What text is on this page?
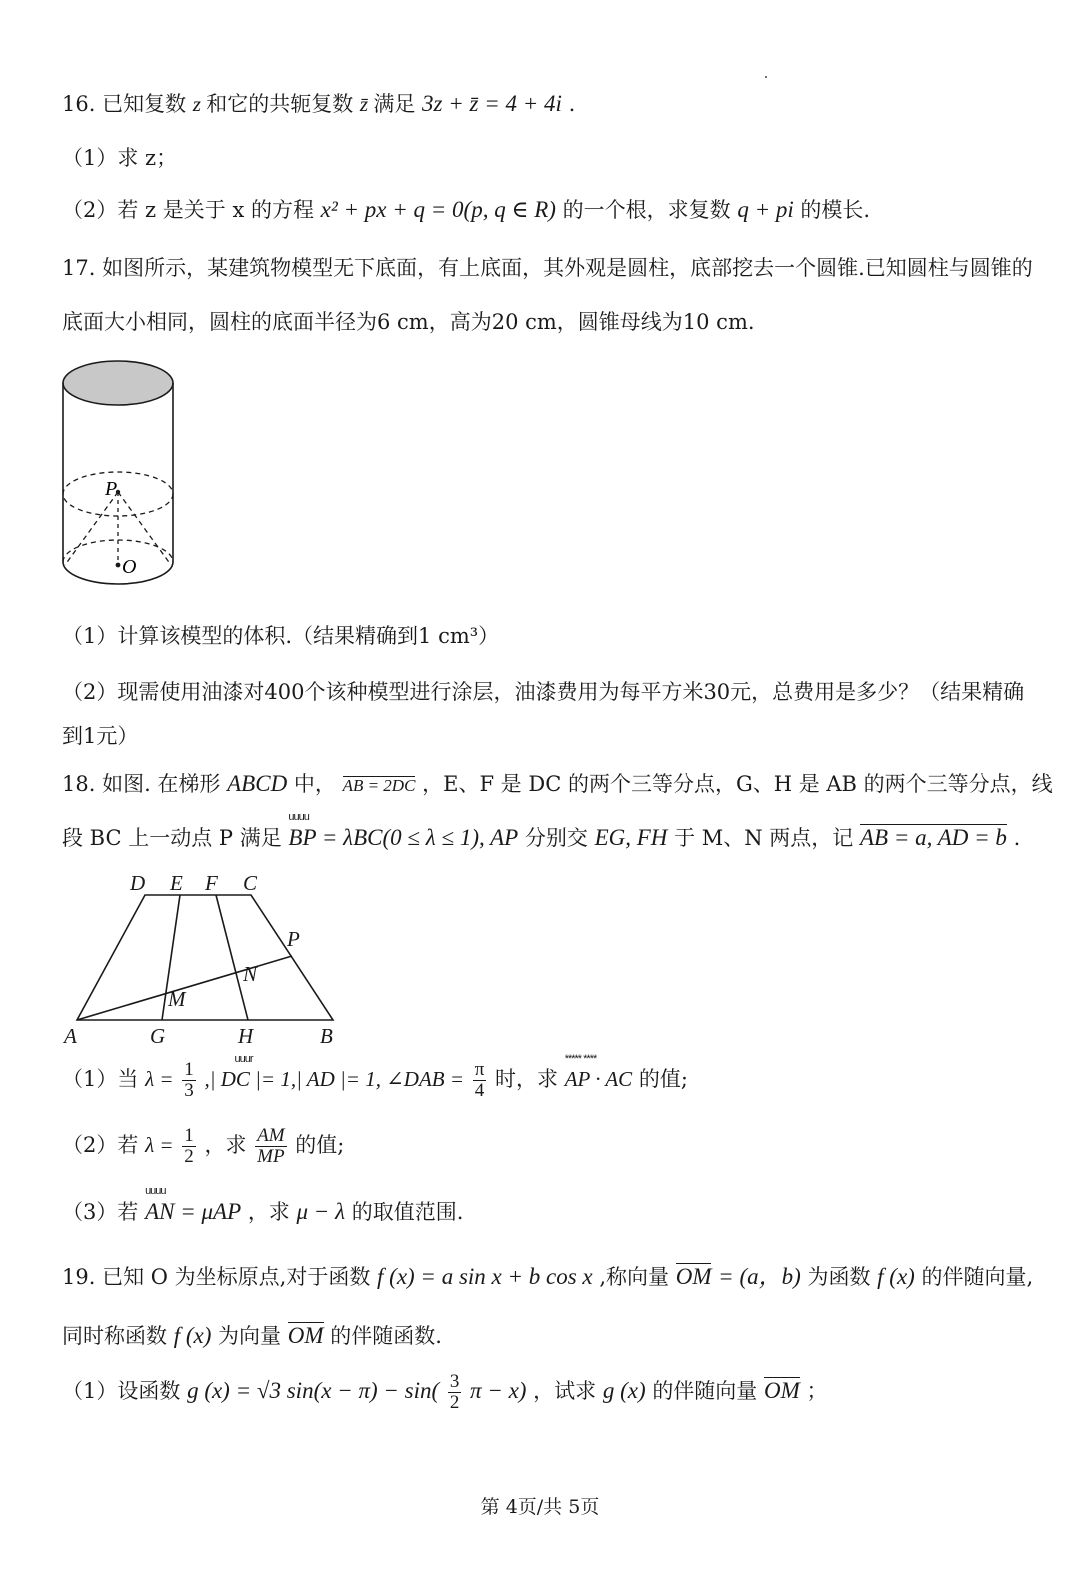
16. 已知复数 z 和它的共轭复数 z̄ 满足 3z + z̄ = 4 + 4i .
（1）求 z；
（2）若 z 是关于 x 的方程 x² + px + q = 0(p, q ∈ R) 的一个根，求复数 q + pi 的模长.
17. 如图所示，某建筑物模型无下底面，有上底面，其外观是圆柱，底部挖去一个圆锥.已知圆柱与圆锥的
底面大小相同，圆柱的底面半径为6 cm，高为20 cm，圆锥母线为10 cm.
P
O
（1）计算该模型的体积.（结果精确到1 cm³）
（2）现需使用油漆对400个该种模型进行涂层，油漆费用为每平方米30元，总费用是多少？（结果精确
到1元）
18. 如图. 在梯形 ABCD 中， AB = 2DC ，E、F 是 DC 的两个三等分点，G、H 是 AB 的两个三等分点，线
段 BC 上一动点 P 满足
uuuu
BP = λBC(0 ≤ λ ≤ 1), AP 分别交 EG, FH 于 M、N 两点，记 AB = a, AD = b .
D E F C
P
N
M
A	G	H	B
（1）当 $\lambda = \frac{1}{3}$

uuur
,| DC |= 1,| AD |= 1, ∠DAB = $\frac{\pi}{4}$ 时，求
***** ****
AP · AC 的值;
（2）若 $\lambda = \frac{1}{2}$ ，求 $\frac{AM}{MP}$ 的值;
（3）若
uuuu
AN = μAP ，求 μ − λ 的取值范围.
19. 已知 O 为坐标原点,对于函数 f (x) = a sin x + b cos x ,称向量 OM = (a，b) 为函数 f (x) 的伴随向量,
同时称函数 f (x) 为向量 OM 的伴随函数.
（1）设函数 g (x) = √3 $\sin(x - \pi) - \sin( \frac{3}{2}$ π − x) ，试求 g (x) 的伴随向量 OM ；
第 4页/共 5页
